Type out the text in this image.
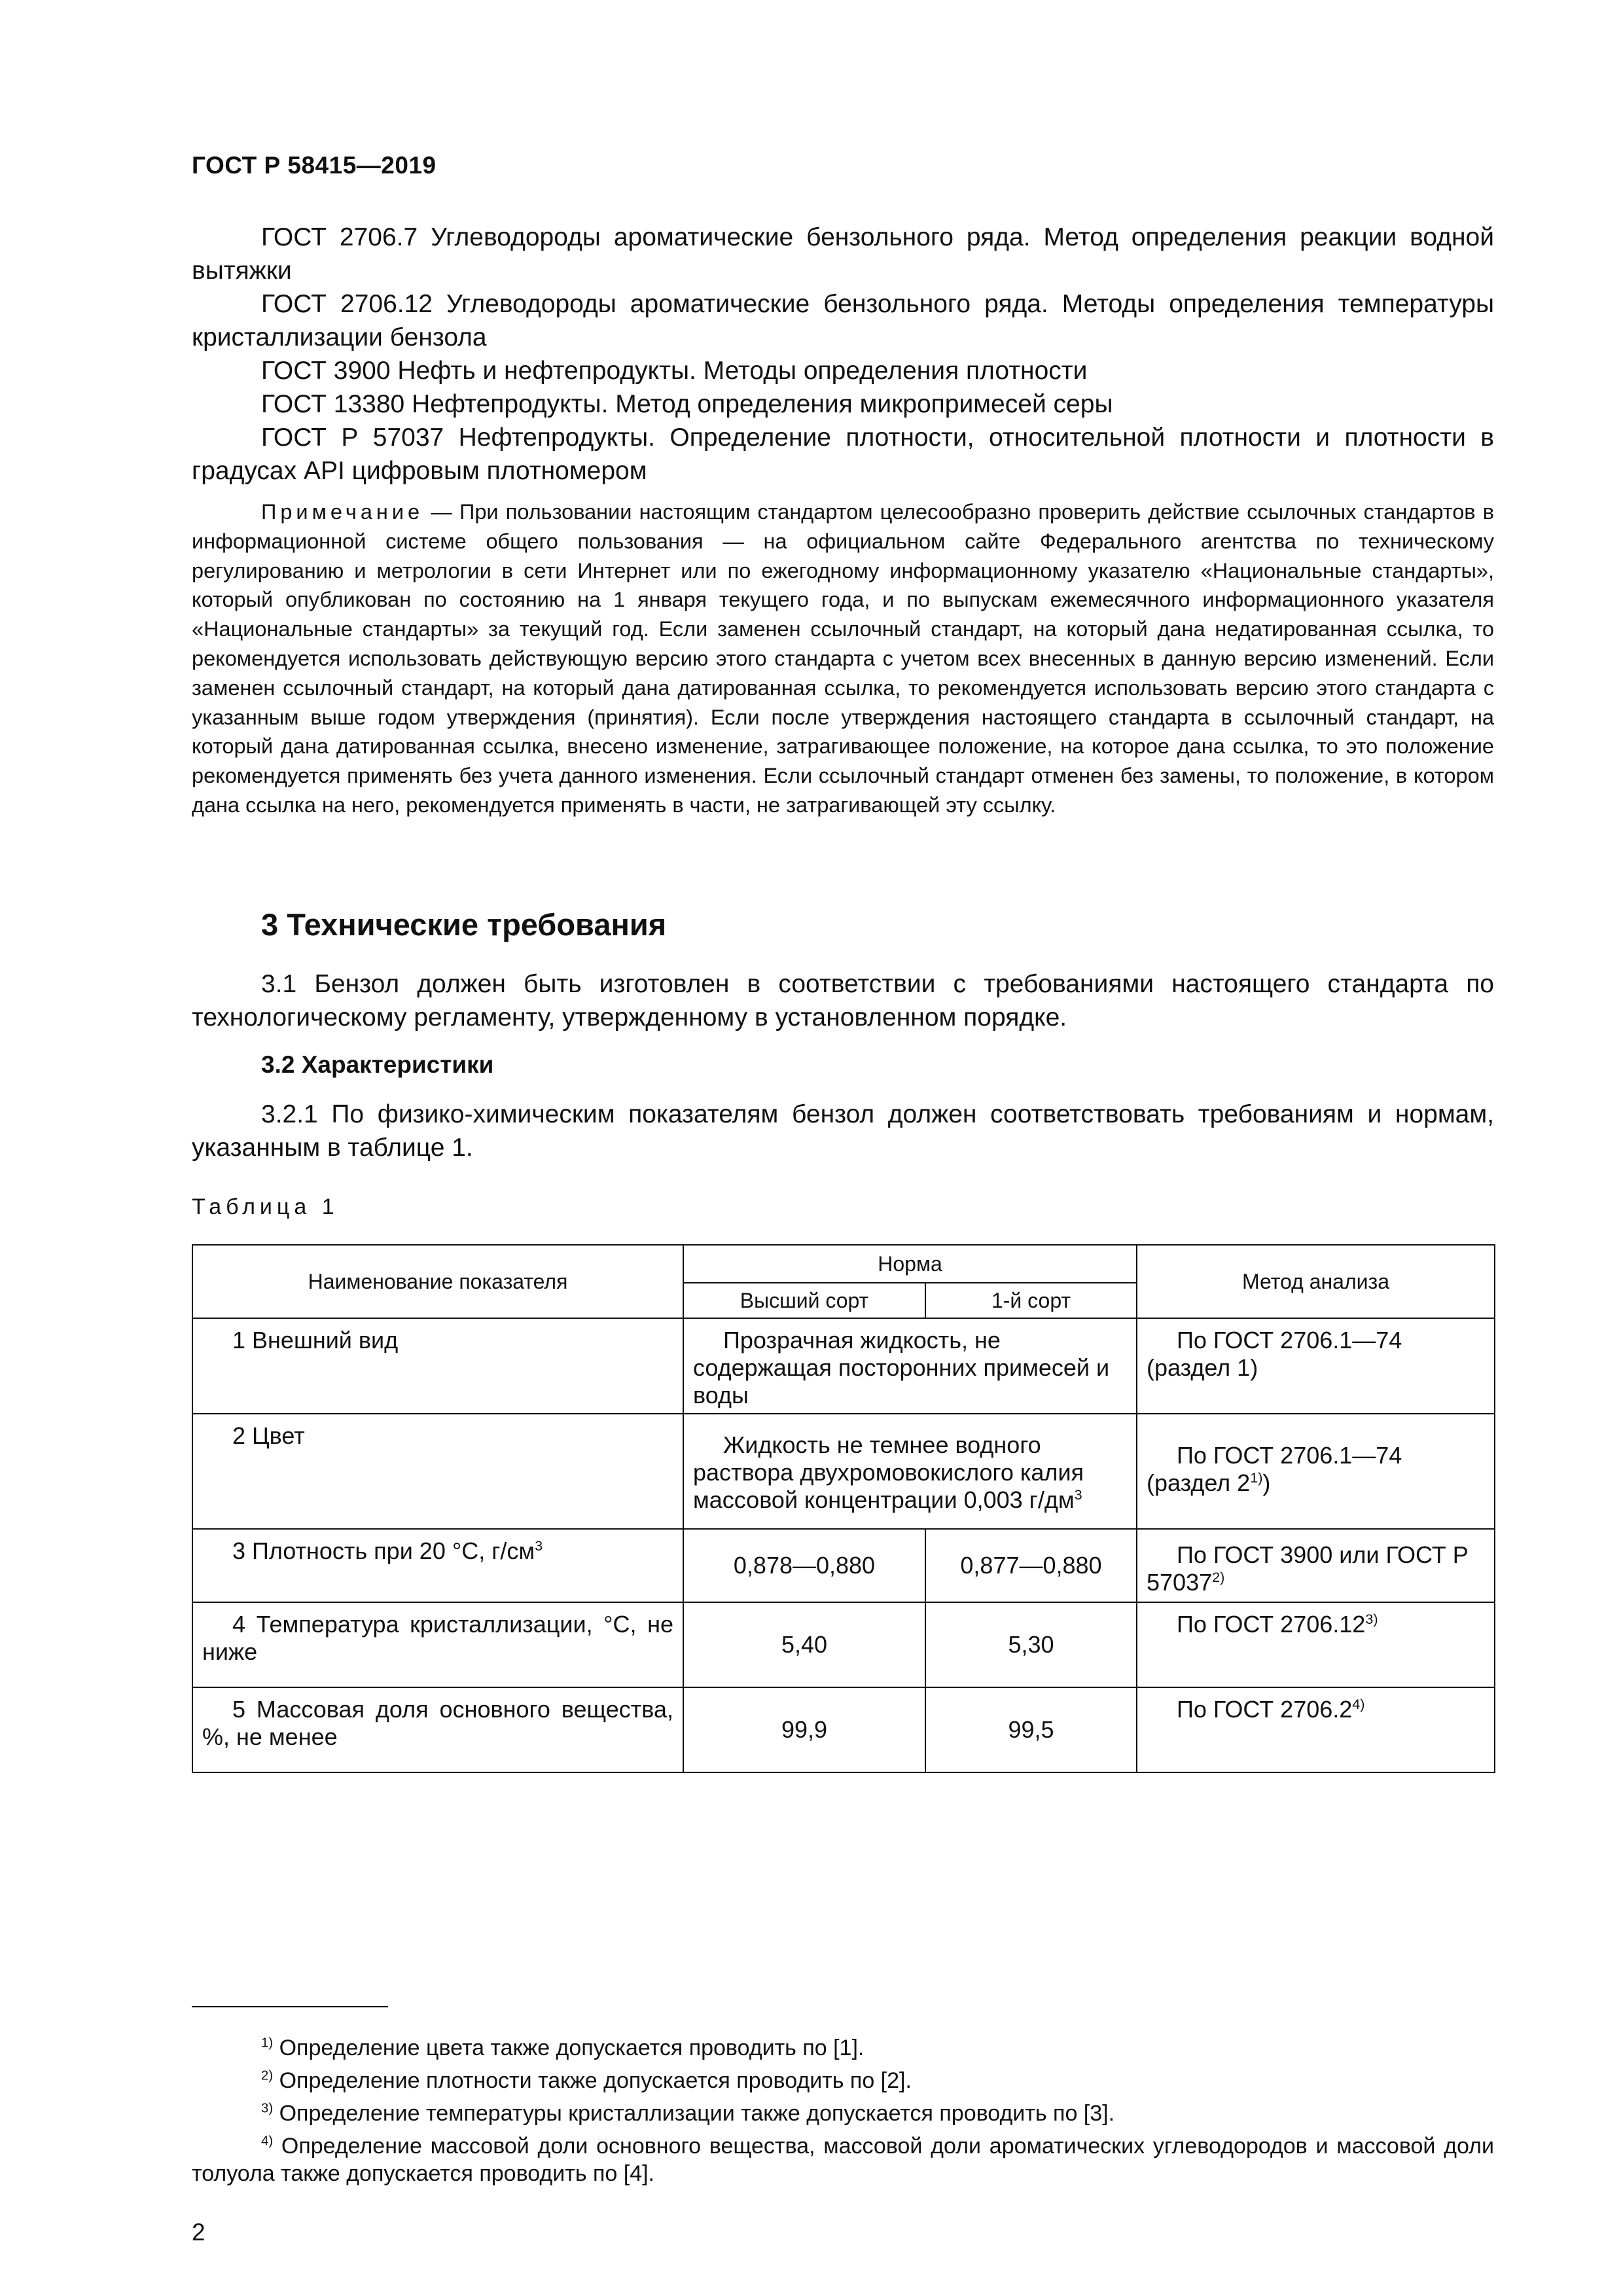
ГОСТ Р 58415—2019

ГОСТ 2706.7 Углеводороды ароматические бензольного ряда. Метод определения реакции водной вытяжки

ГОСТ 2706.12 Углеводороды ароматические бензольного ряда. Методы определения температуры кристаллизации бензола

ГОСТ 3900 Нефть и нефтепродукты. Методы определения плотности

ГОСТ 13380 Нефтепродукты. Метод определения микропримесей серы

ГОСТ Р 57037 Нефтепродукты. Определение плотности, относительной плотности и плотности в градусах API цифровым плотномером

Примечание — При пользовании настоящим стандартом целесообразно проверить действие ссылочных стандартов в информационной системе общего пользования — на официальном сайте Федерального агентства по техническому регулированию и метрологии в сети Интернет или по ежегодному информационному указателю «Национальные стандарты», который опубликован по состоянию на 1 января текущего года, и по выпускам ежемесячного информационного указателя «Национальные стандарты» за текущий год. Если заменен ссылочный стандарт, на который дана недатированная ссылка, то рекомендуется использовать действующую версию этого стандарта с учетом всех внесенных в данную версию изменений. Если заменен ссылочный стандарт, на который дана датированная ссылка, то рекомендуется использовать версию этого стандарта с указанным выше годом утверждения (принятия). Если после утверждения настоящего стандарта в ссылочный стандарт, на который дана датированная ссылка, внесено изменение, затрагивающее положение, на которое дана ссылка, то это положение рекомендуется применять без учета данного изменения. Если ссылочный стандарт отменен без замены, то положение, в котором дана ссылка на него, рекомендуется применять в части, не затрагивающей эту ссылку.

3 Технические требования

3.1 Бензол должен быть изготовлен в соответствии с требованиями настоящего стандарта по технологическому регламенту, утвержденному в установленном порядке.

3.2 Характеристики

3.2.1 По физико-химическим показателям бензол должен соответствовать требованиям и нормам, указанным в таблице 1.

Таблица 1
Наименование показателя	Норма		Метод анализа
	Высший сорт	1-й сорт	
1 Внешний вид	Прозрачная жидкость, не содержащая посторонних примесей и воды		По ГОСТ 2706.1—74 (раздел 1)
2 Цвет	Жидкость не темнее водного раствора двухромовокислого калия массовой концентрации 0,003 $г/дм^3$		По ГОСТ 2706.1—74 (раздел 2$^{1)}$)
3 Плотность при 20 °С, $г/см^3$	0,878—0,880	0,877—0,880	По ГОСТ 3900 или ГОСТ Р 57037$^{2)}$
4 Температура кристаллизации, °С, не ниже	5,40	5,30	По ГОСТ 2706.12$^{3)}$
5 Массовая доля основного вещества, %, не менее	99,9	99,5	По ГОСТ 2706.2$^{4)}$

$^{1)}$ Определение цвета также допускается проводить по [1].

$^{2)}$ Определение плотности также допускается проводить по [2].

$^{3)}$ Определение температуры кристаллизации также допускается проводить по [3].

$^{4)}$ Определение массовой доли основного вещества, массовой доли ароматических углеводородов и массовой доли толуола также допускается проводить по [4].

2
